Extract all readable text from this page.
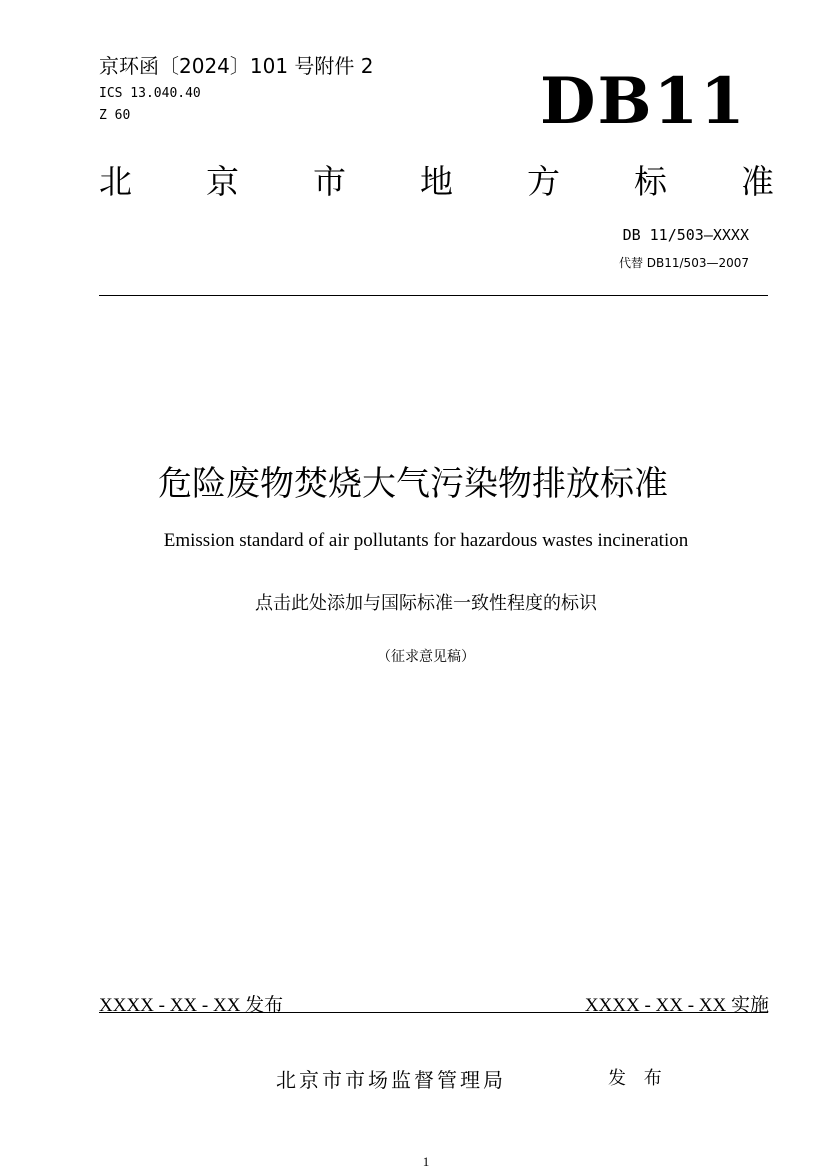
京环函〔2024〕101 号附件 2
ICS 13.040.40
Z 60	DB11
北 京 市 地 方 标 准
DB 11/503—XXXX
代替 DB11/503—2007
危险废物焚烧大气污染物排放标准
Emission standard of air pollutants for hazardous wastes incineration
点击此处添加与国际标准一致性程度的标识
（征求意见稿）
XXXX - XX - XX 发布	XXXX - XX - XX 实施
北京市市场监督管理局	发 布
1
